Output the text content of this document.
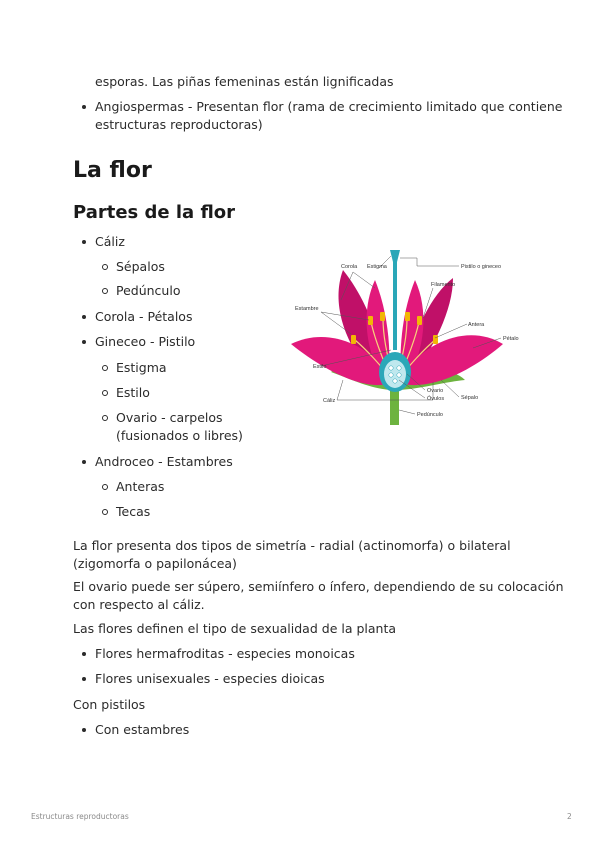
esporas. Las piñas femeninas están lignificadas
Angiospermas - Presentan flor (rama de crecimiento limitado que contiene
estructuras reproductoras)
La flor
Partes de la flor
Cáliz
Sépalos
Pedúnculo
Corola - Pétalos
Gineceo - Pistilo
Estigma
Estilo
Ovario - carpelos
(fusionados o libres)
Androceo - Estambres
Anteras
Tecas
Corola Estigma	Pistilo o gineceo
Filamento
Estambre
Antera
Pétalo
Estilo
Ovario
Óvulos	Sépalo
Cáliz
Pedúnculo
La flor presenta dos tipos de simetría - radial (actinomorfa) o bilateral
(zigomorfa o papilonácea)
El ovario puede ser súpero, semiínfero o ínfero, dependiendo de su colocación
con respecto al cáliz.
Las flores definen el tipo de sexualidad de la planta
Flores hermafroditas - especies monoicas
Flores unisexuales - especies dioicas
Con pistilos
Con estambres
Estructuras reproductoras	2
